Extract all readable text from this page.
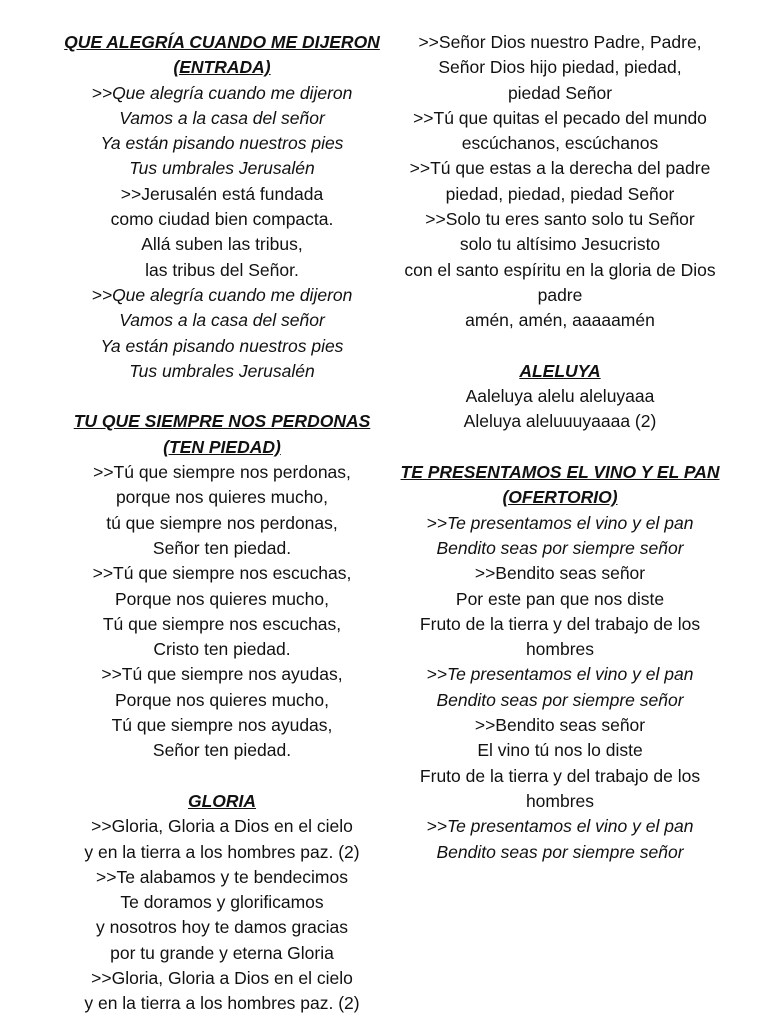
QUE ALEGRÍA CUANDO ME DIJERON
(ENTRADA)
>>Que alegría cuando me dijeron
Vamos a la casa del señor
Ya están pisando nuestros pies
Tus umbrales Jerusalén
>>Jerusalén está fundada
como ciudad bien compacta.
Allá suben las tribus,
las tribus del Señor.
>>Que alegría cuando me dijeron
Vamos a la casa del señor
Ya están pisando nuestros pies
Tus umbrales Jerusalén
TU QUE SIEMPRE NOS PERDONAS
(TEN PIEDAD)
>>Tú que siempre nos perdonas,
porque nos quieres mucho,
tú que siempre nos perdonas,
Señor ten piedad.
>>Tú que siempre nos escuchas,
Porque nos quieres mucho,
Tú que siempre nos escuchas,
Cristo ten piedad.
>>Tú que siempre nos ayudas,
Porque nos quieres mucho,
Tú que siempre nos ayudas,
Señor ten piedad.
GLORIA
>>Gloria, Gloria a Dios en el cielo
y en la tierra a los hombres paz. (2)
>>Te alabamos y te bendecimos
Te doramos y glorificamos
y nosotros hoy te damos gracias
por tu grande y eterna Gloria
>>Gloria, Gloria a Dios en el cielo
y en la tierra a los hombres paz. (2)
>>Señor Dios nuestro Padre, Padre,
Señor Dios hijo piedad, piedad,
piedad Señor
>>Tú que quitas el pecado del mundo
escúchanos, escúchanos
>>Tú que estas a la derecha del padre
piedad, piedad, piedad Señor
>>Solo tu eres santo solo tu Señor
solo tu altísimo Jesucristo
con el santo espíritu en la gloria de Dios padre
amén, amén, aaaaamén
ALELUYA
Aaleluya alelu aleluyaaa
Aleluya aleluuuyaaaa (2)
TE PRESENTAMOS EL VINO Y EL PAN
(OFERTORIO)
>>Te presentamos el vino y el pan
Bendito seas por siempre señor
>>Bendito seas señor
Por este pan que nos diste
Fruto de la tierra y del trabajo de los hombres
>>Te presentamos el vino y el pan
Bendito seas por siempre señor
>>Bendito seas señor
El vino tú nos lo diste
Fruto de la tierra y del trabajo de los hombres
>>Te presentamos el vino y el pan
Bendito seas por siempre señor
